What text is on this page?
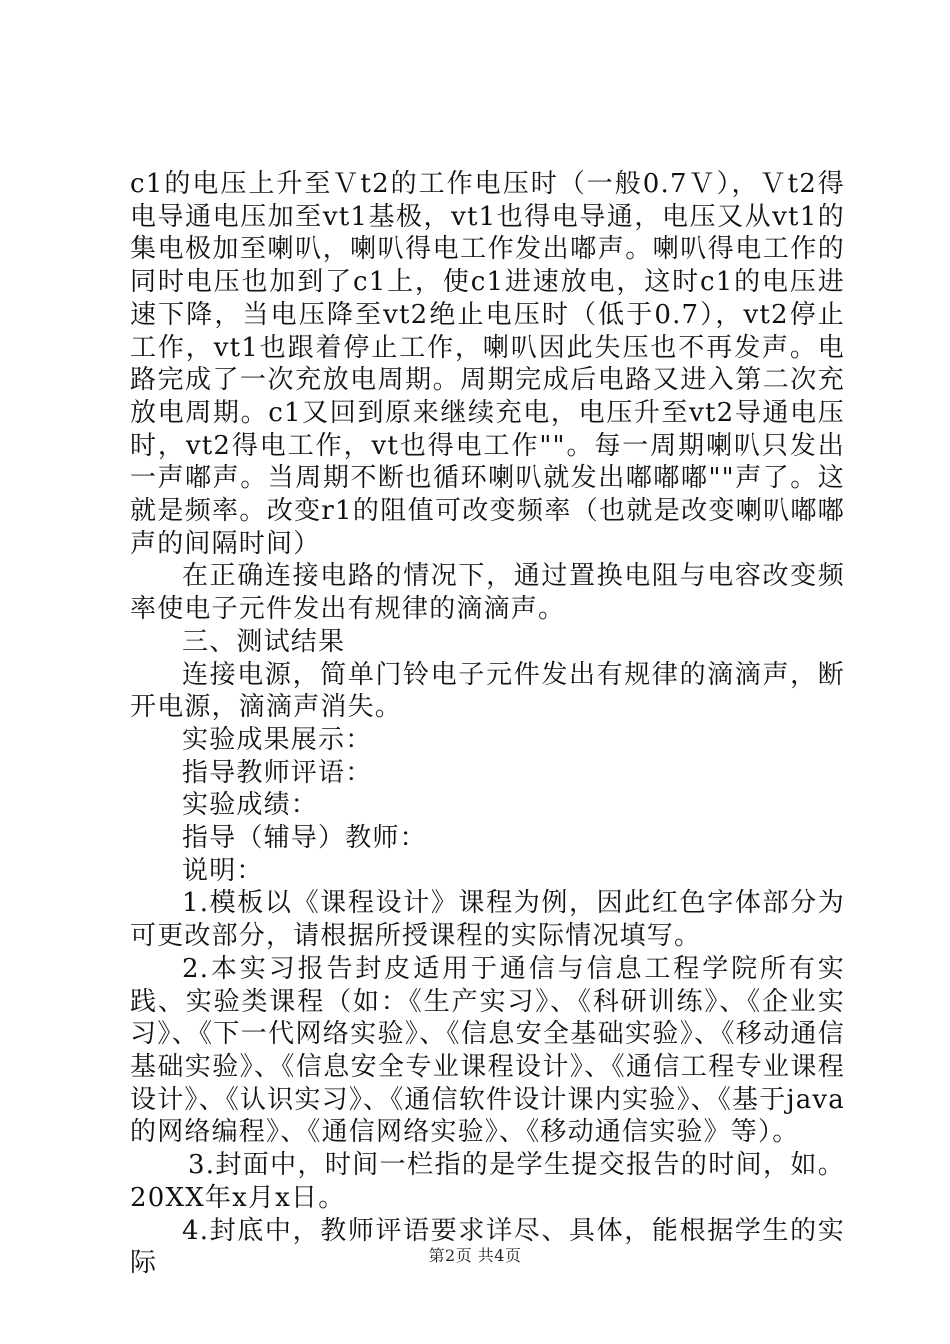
c1的电压上升至Ｖt2的工作电压时（一般0.7Ｖ），Ｖt2得电导通电压加至vt1基极，vt1也得电导通，电压又从vt1的集电极加至喇叭，喇叭得电工作发出嘟声。喇叭得电工作的同时电压也加到了c1上，使c1进速放电，这时c1的电压进速下降，当电压降至vt2绝止电压时（低于0.7），vt2停止工作，vt1也跟着停止工作，喇叭因此失压也不再发声。电路完成了一次充放电周期。周期完成后电路又进入第二次充放电周期。c1又回到原来继续充电，电压升至vt2导通电压时，vt2得电工作，vt也得电工作""。每一周期喇叭只发出一声嘟声。当周期不断也循环喇叭就发出嘟嘟嘟""声了。这就是频率。改变r1的阻值可改变频率（也就是改变喇叭嘟嘟声的间隔时间）

在正确连接电路的情况下，通过置换电阻与电容改变频率使电子元件发出有规律的滴滴声。

三、测试结果

连接电源，简单门铃电子元件发出有规律的滴滴声，断开电源，滴滴声消失。

实验成果展示：

指导教师评语：

实验成绩：

指导（辅导）教师：

说明：

1.模板以《课程设计》课程为例，因此红色字体部分为可更改部分，请根据所授课程的实际情况填写。

2.本实习报告封皮适用于通信与信息工程学院所有实践、实验类课程（如：《生产实习》、《科研训练》、《企业实习》、《下一代网络实验》、《信息安全基础实验》、《移动通信基础实验》、《信息安全专业课程设计》、《通信工程专业课程设计》、《认识实习》、《通信软件设计课内实验》、《基于java的网络编程》、《通信网络实验》、《移动通信实验》等）。

3.封面中，时间一栏指的是学生提交报告的时间，如。20XX年x月x日。

4.封底中，教师评语要求详尽、具体，能根据学生的实际	第2页 共4页
